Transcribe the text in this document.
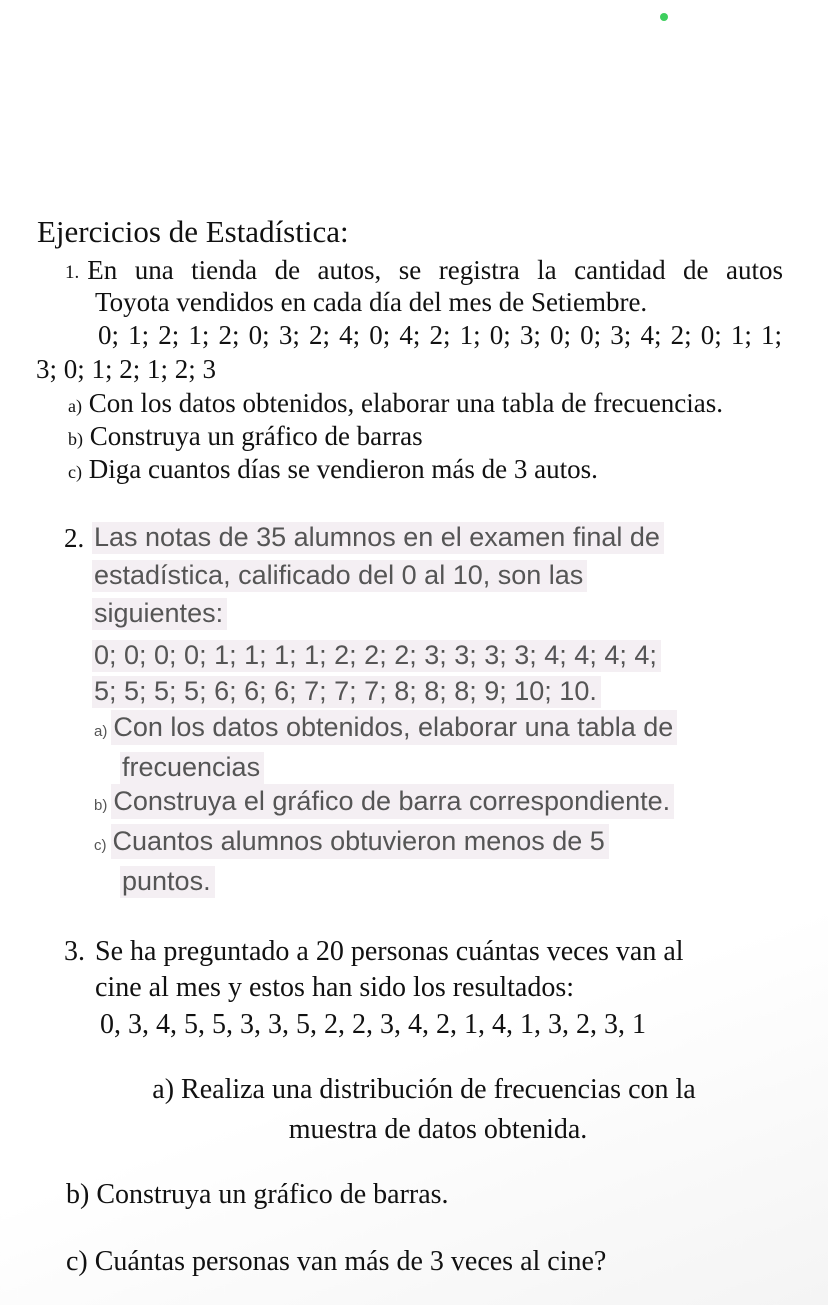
Ejercicios de Estadística:
1. En una tienda de autos, se registra la cantidad de autos
Toyota vendidos en cada día del mes de Setiembre.
0; 1; 2; 1; 2; 0; 3; 2; 4; 0; 4; 2; 1; 0; 3; 0; 0; 3; 4; 2; 0; 1; 1;
3; 0; 1; 2; 1; 2; 3
a) Con los datos obtenidos, elaborar una tabla de frecuencias.
b) Construya un gráfico de barras
c) Diga cuantos días se vendieron más de 3 autos.
2. Las notas de 35 alumnos en el examen final de
estadística, calificado del 0 al 10, son las
siguientes:
0; 0; 0; 0; 1; 1; 1; 1; 2; 2; 2; 3; 3; 3; 3; 4; 4; 4; 4;
5; 5; 5; 5; 6; 6; 6; 7; 7; 7; 8; 8; 8; 9; 10; 10.
a) Con los datos obtenidos, elaborar una tabla de
frecuencias
b) Construya el gráfico de barra correspondiente.
c) Cuantos alumnos obtuvieron menos de 5
puntos.
3. Se ha preguntado a 20 personas cuántas veces van al
cine al mes y estos han sido los resultados:
0, 3, 4, 5, 5, 3, 3, 5, 2, 2, 3, 4, 2, 1, 4, 1, 3, 2, 3, 1
a) Realiza una distribución de frecuencias con la
muestra de datos obtenida.
b) Construya un gráfico de barras.
c) Cuántas personas van más de 3 veces al cine?
